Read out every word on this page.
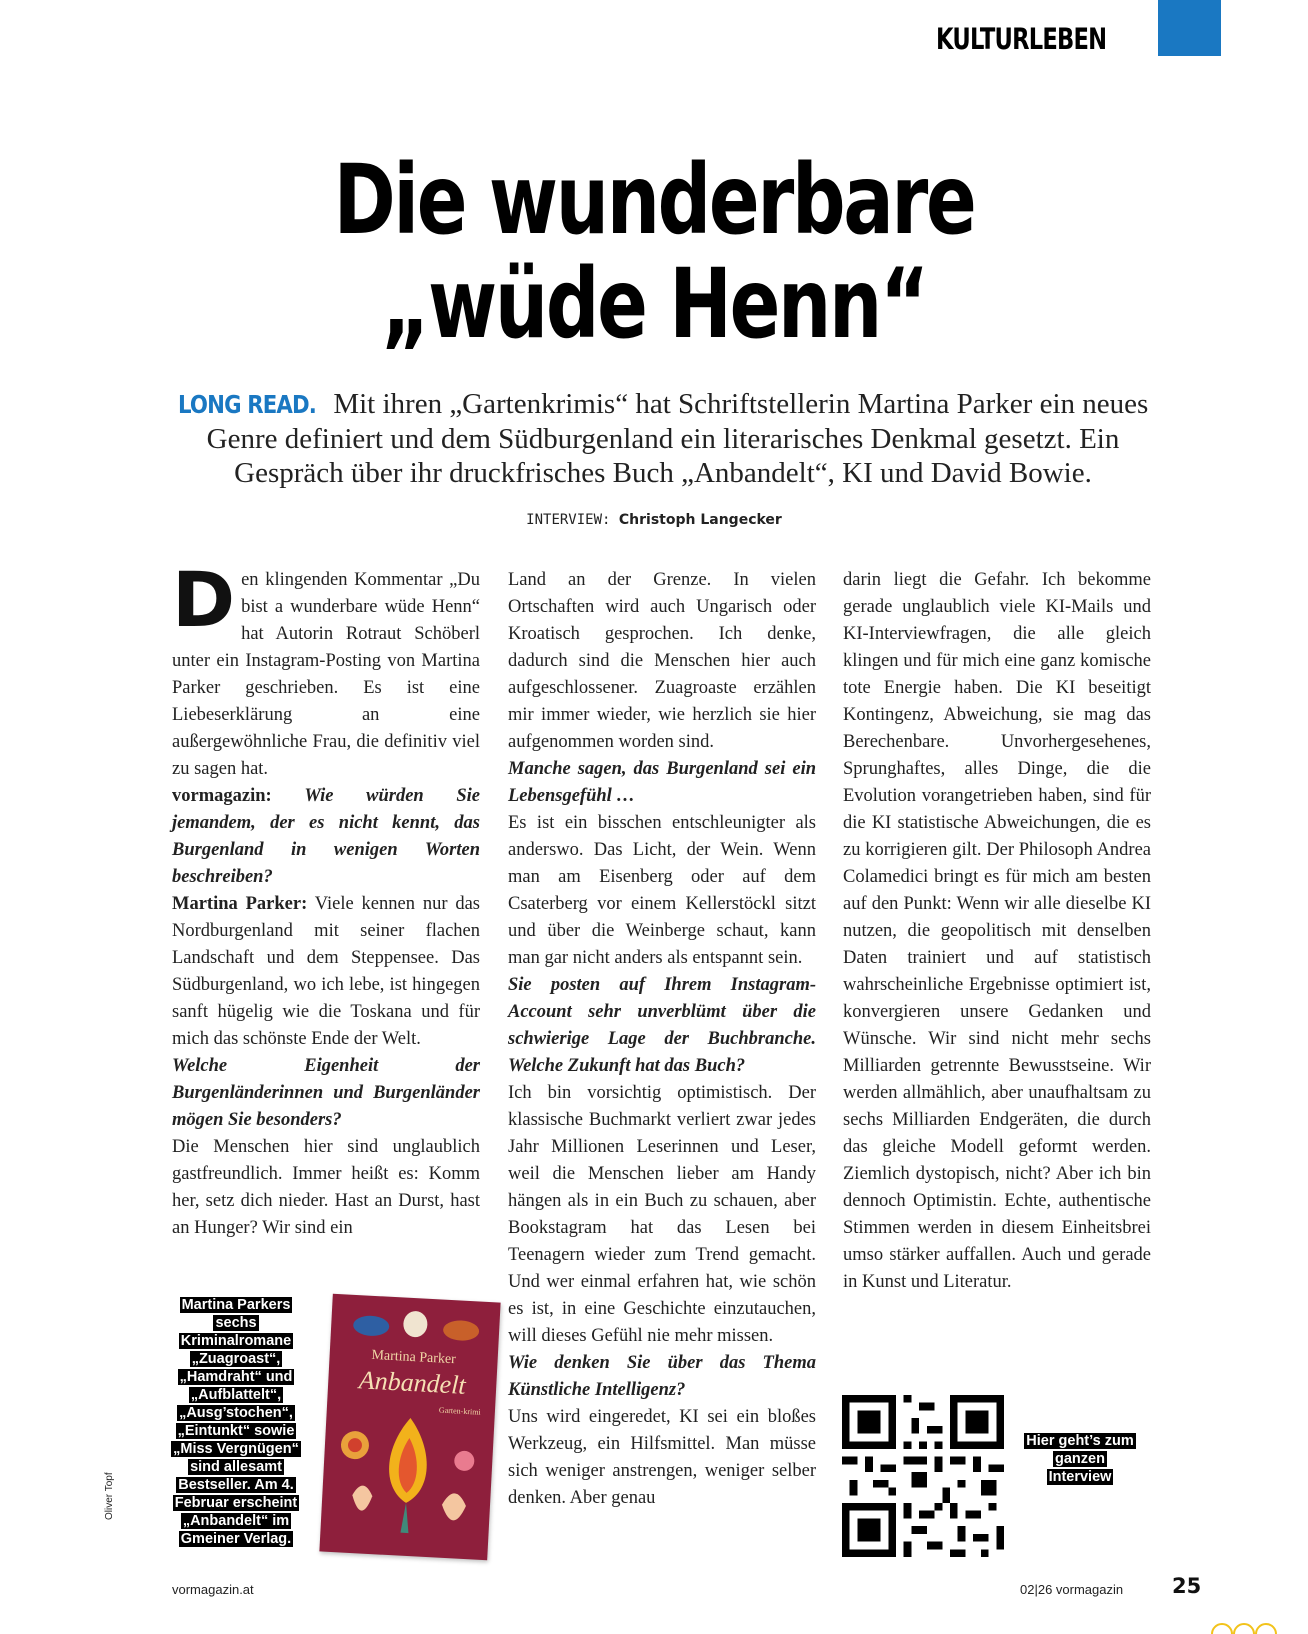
KULTURLEBEN
Die wunderbare
„wüde Henn“
LONG READ. Mit ihren „Gartenkrimis“ hat Schriftstellerin Martina Parker ein neues Genre definiert und dem Südburgenland ein literarisches Denkmal gesetzt. Ein Gespräch über ihr druckfrisches Buch „Anbandelt“, KI und David Bowie.
INTERVIEW: Christoph Langecker

Den klingenden Kommentar „Du bist a wunderbare wüde Henn“ hat Autorin Rotraut Schöberl unter ein Instagram-Posting von Martina Parker geschrieben. Es ist eine Liebeserklärung an eine außergewöhnliche Frau, die definitiv viel zu sagen hat.

vormagazin: Wie würden Sie jemandem, der es nicht kennt, das Burgenland in wenigen Worten beschreiben?

Martina Parker: Viele kennen nur das Nordburgenland mit seiner flachen Landschaft und dem Steppensee. Das Südburgenland, wo ich lebe, ist hingegen sanft hügelig wie die Toskana und für mich das schönste Ende der Welt.

Welche Eigenheit der Burgenländerinnen und Burgenländer mögen Sie besonders?

Die Menschen hier sind unglaublich gastfreundlich. Immer heißt es: Komm her, setz dich nieder. Hast an Durst, hast an Hunger? Wir sind ein

Land an der Grenze. In vielen Ortschaften wird auch Ungarisch oder Kroatisch gesprochen. Ich denke, dadurch sind die Menschen hier auch aufgeschlossener. Zuagroaste erzählen mir immer wieder, wie herzlich sie hier aufgenommen worden sind.

Manche sagen, das Burgenland sei ein Lebensgefühl …

Es ist ein bisschen entschleunigter als anderswo. Das Licht, der Wein. Wenn man am Eisenberg oder auf dem Csaterberg vor einem Kellerstöckl sitzt und über die Weinberge schaut, kann man gar nicht anders als entspannt sein.

Sie posten auf Ihrem Instagram-Account sehr unverblümt über die schwierige Lage der Buchbranche. Welche Zukunft hat das Buch?

Ich bin vorsichtig optimistisch. Der klassische Buchmarkt verliert zwar jedes Jahr Millionen Leserinnen und Leser, weil die Menschen lieber am Handy hängen als in ein Buch zu schauen, aber Bookstagram hat das Lesen bei Teenagern wieder zum Trend gemacht. Und wer einmal erfahren hat, wie schön es ist, in eine Geschichte einzutauchen, will dieses Gefühl nie mehr missen.

Wie denken Sie über das Thema Künstliche Intelligenz?

Uns wird eingeredet, KI sei ein bloßes Werkzeug, ein Hilfsmittel. Man müsse sich weniger anstrengen, weniger selber denken. Aber genau

darin liegt die Gefahr. Ich bekomme gerade unglaublich viele KI-Mails und KI-Interviewfragen, die alle gleich klingen und für mich eine ganz komische tote Energie haben. Die KI beseitigt Kontingenz, Abweichung, sie mag das Berechenbare. Unvorhergesehenes, Sprunghaftes, alles Dinge, die die Evolution vorangetrieben haben, sind für die KI statistische Abweichungen, die es zu korrigieren gilt. Der Philosoph Andrea Colamedici bringt es für mich am besten auf den Punkt: Wenn wir alle dieselbe KI nutzen, die geopolitisch mit denselben Daten trainiert und auf statistisch wahrscheinliche Ergebnisse optimiert ist, konvergieren unsere Gedanken und Wünsche. Wir sind nicht mehr sechs Milliarden getrennte Bewusstseine. Wir werden allmählich, aber unaufhaltsam zu sechs Milliarden Endgeräten, die durch das gleiche Modell geformt werden. Ziemlich dystopisch, nicht? Aber ich bin dennoch Optimistin. Echte, authentische Stimmen werden in diesem Einheitsbrei umso stärker auffallen. Auch und gerade in Kunst und Literatur.

Martina Parkers sechs Kriminalromane „Zuagroast“, „Hamdraht“ und „Aufblattelt“, „Ausg’stochen“, „Eintunkt“ sowie „Miss Vergnügen“ sind allesamt Bestseller. Am 4. Februar erscheint „Anbandelt“ im Gmeiner Verlag.
Martina Parker
Anbandelt
Garten-krimi
Hier geht’s zum ganzen Interview
Oliver Topf
vormagazin.at	02|26 vormagazin 25
